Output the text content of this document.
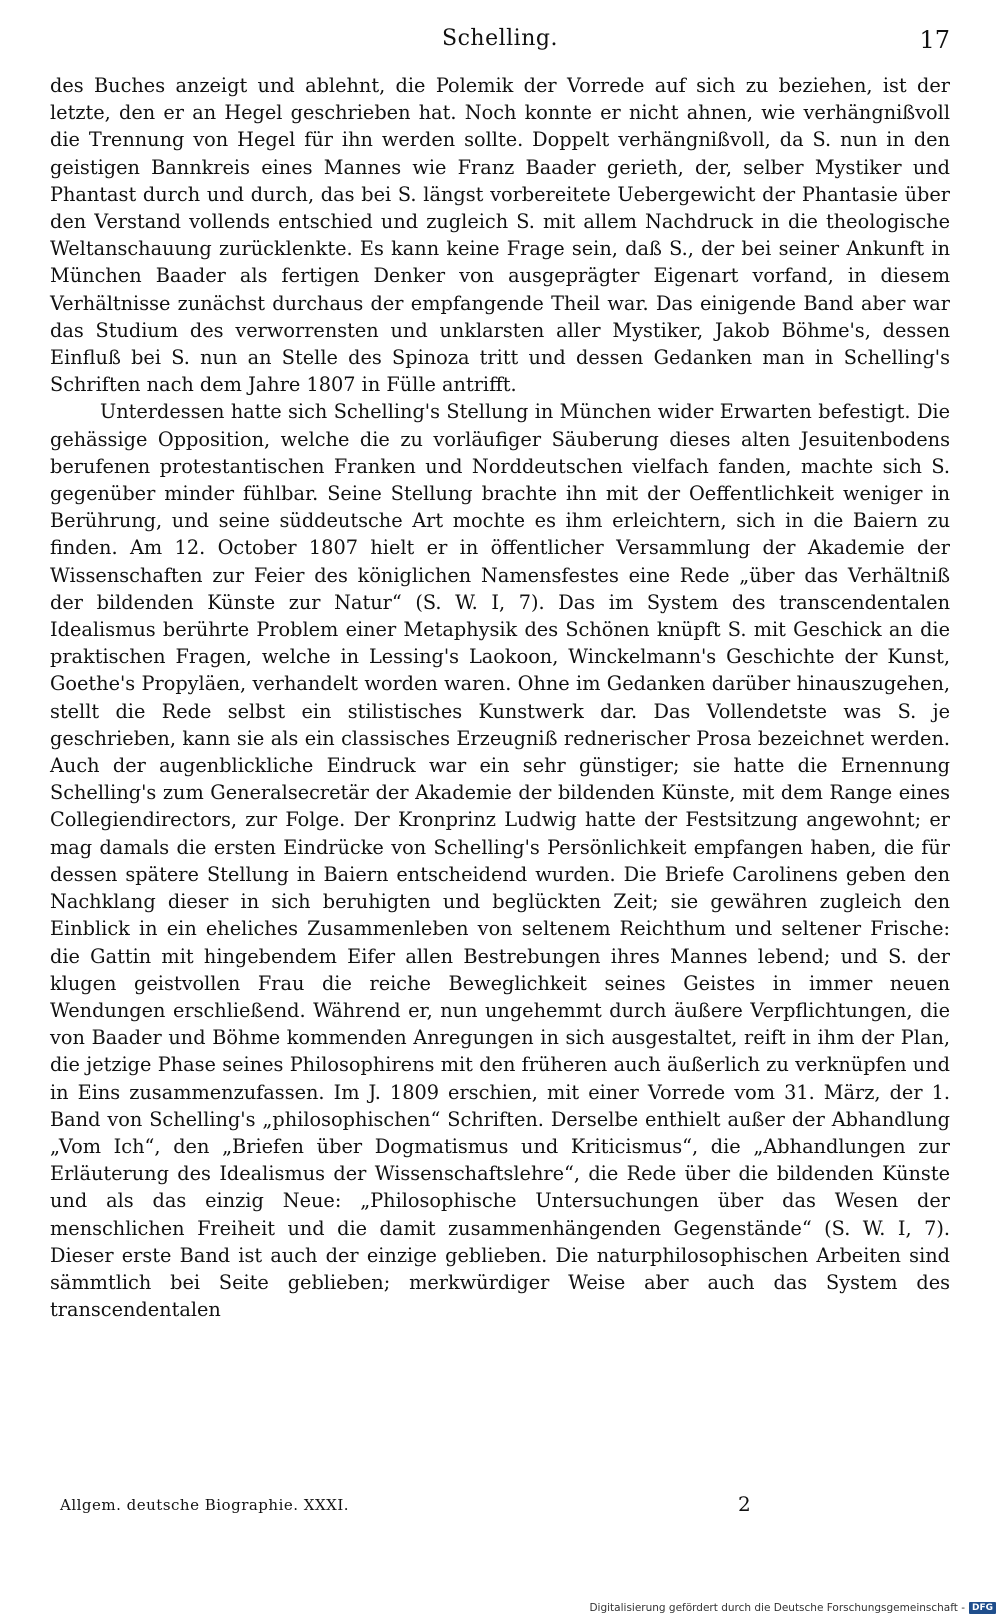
Schelling.	17

des Buches anzeigt und ablehnt, die Polemik der Vorrede auf sich zu beziehen, ist der letzte, den er an Hegel geschrieben hat. Noch konnte er nicht ahnen, wie verhängnißvoll die Trennung von Hegel für ihn werden sollte. Doppelt verhängnißvoll, da S. nun in den geistigen Bannkreis eines Mannes wie Franz Baader gerieth, der, selber Mystiker und Phantast durch und durch, das bei S. längst vorbereitete Uebergewicht der Phantasie über den Verstand vollends entschied und zugleich S. mit allem Nachdruck in die theologische Weltanschauung zurücklenkte. Es kann keine Frage sein, daß S., der bei seiner Ankunft in München Baader als fertigen Denker von ausgeprägter Eigenart vorfand, in diesem Verhältnisse zunächst durchaus der empfangende Theil war. Das einigende Band aber war das Studium des verworrensten und unklarsten aller Mystiker, Jakob Böhme's, dessen Einfluß bei S. nun an Stelle des Spinoza tritt und dessen Gedanken man in Schelling's Schriften nach dem Jahre 1807 in Fülle antrifft.

Unterdessen hatte sich Schelling's Stellung in München wider Erwarten befestigt. Die gehässige Opposition, welche die zu vorläufiger Säuberung dieses alten Jesuitenbodens berufenen protestantischen Franken und Norddeutschen vielfach fanden, machte sich S. gegenüber minder fühlbar. Seine Stellung brachte ihn mit der Oeffentlichkeit weniger in Berührung, und seine süddeutsche Art mochte es ihm erleichtern, sich in die Baiern zu finden. Am 12. October 1807 hielt er in öffentlicher Versammlung der Akademie der Wissenschaften zur Feier des königlichen Namensfestes eine Rede „über das Verhältniß der bildenden Künste zur Natur“ (S. W. I, 7). Das im System des transcendentalen Idealismus berührte Problem einer Metaphysik des Schönen knüpft S. mit Geschick an die praktischen Fragen, welche in Lessing's Laokoon, Winckelmann's Geschichte der Kunst, Goethe's Propyläen, verhandelt worden waren. Ohne im Gedanken darüber hinauszugehen, stellt die Rede selbst ein stilistisches Kunstwerk dar. Das Vollendetste was S. je geschrieben, kann sie als ein classisches Erzeugniß rednerischer Prosa bezeichnet werden. Auch der augenblickliche Eindruck war ein sehr günstiger; sie hatte die Ernennung Schelling's zum Generalsecretär der Akademie der bildenden Künste, mit dem Range eines Collegiendirectors, zur Folge. Der Kronprinz Ludwig hatte der Festsitzung angewohnt; er mag damals die ersten Eindrücke von Schelling's Persönlichkeit empfangen haben, die für dessen spätere Stellung in Baiern entscheidend wurden. Die Briefe Carolinens geben den Nachklang dieser in sich beruhigten und beglückten Zeit; sie gewähren zugleich den Einblick in ein eheliches Zusammenleben von seltenem Reichthum und seltener Frische: die Gattin mit hingebendem Eifer allen Bestrebungen ihres Mannes lebend; und S. der klugen geistvollen Frau die reiche Beweglichkeit seines Geistes in immer neuen Wendungen erschließend. Während er, nun ungehemmt durch äußere Verpflichtungen, die von Baader und Böhme kommenden Anregungen in sich ausgestaltet, reift in ihm der Plan, die jetzige Phase seines Philosophirens mit den früheren auch äußerlich zu verknüpfen und in Eins zusammenzufassen. Im J. 1809 erschien, mit einer Vorrede vom 31. März, der 1. Band von Schelling's „philosophischen“ Schriften. Derselbe enthielt außer der Abhandlung „Vom Ich“, den „Briefen über Dogmatismus und Kriticismus“, die „Abhandlungen zur Erläuterung des Idealismus der Wissenschaftslehre“, die Rede über die bildenden Künste und als das einzig Neue: „Philosophische Untersuchungen über das Wesen der menschlichen Freiheit und die damit zusammenhängenden Gegenstände“ (S. W. I, 7). Dieser erste Band ist auch der einzige geblieben. Die naturphilosophischen Arbeiten sind sämmtlich bei Seite geblieben; merkwürdiger Weise aber auch das System des transcendentalen

Allgem. deutsche Biographie. XXXI.	2
Digitalisierung gefördert durch die Deutsche Forschungsgemeinschaft - DFG
